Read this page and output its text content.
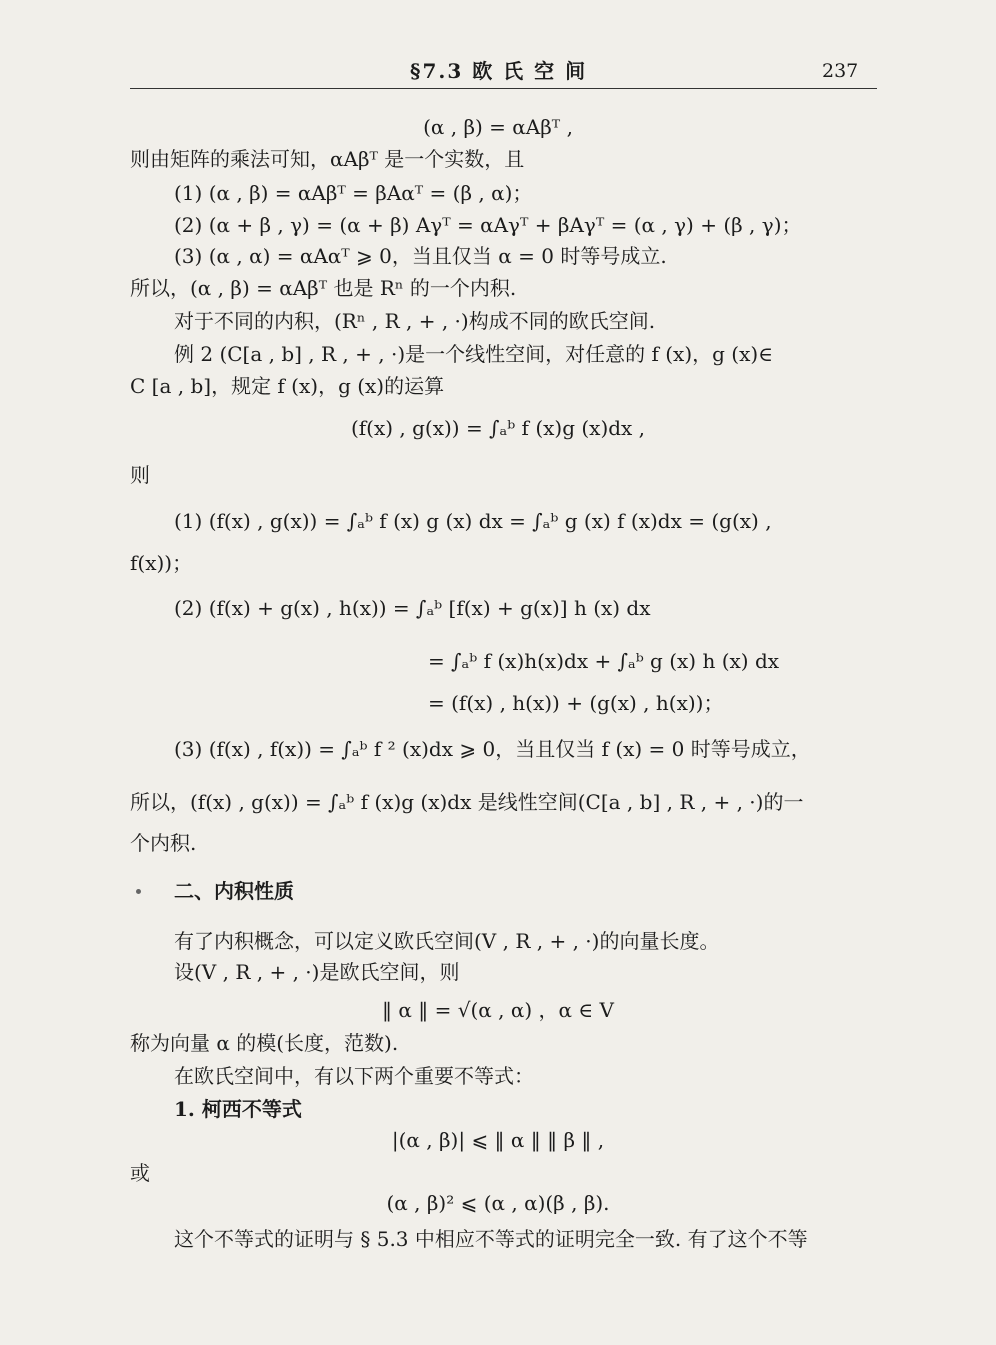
§7.3 欧 氏 空 间	237
(α , β) = αAβᵀ ,
则由矩阵的乘法可知，αAβᵀ 是一个实数，且
(1) (α , β) = αAβᵀ = βAαᵀ = (β , α)；
(2) (α + β , γ) = (α + β) Aγᵀ = αAγᵀ + βAγᵀ = (α , γ) + (β , γ)；
(3) (α , α) = αAαᵀ ⩾ 0，当且仅当 α = 0 时等号成立.
所以，(α , β) = αAβᵀ 也是 Rⁿ 的一个内积.
对于不同的内积，(Rⁿ , R , + , ·)构成不同的欧氏空间.
例 2 (C[a , b] , R , + , ·)是一个线性空间，对任意的 f (x)，g (x)∈
C [a , b]，规定 f (x)，g (x)的运算
(f(x) , g(x)) = ∫ₐᵇ f (x)g (x)dx ,
则
(1) (f(x) , g(x)) = ∫ₐᵇ f (x) g (x) dx = ∫ₐᵇ g (x) f (x)dx = (g(x) ,
f(x))；
(2) (f(x) + g(x) , h(x)) = ∫ₐᵇ [f(x) + g(x)] h (x) dx
= ∫ₐᵇ f (x)h(x)dx + ∫ₐᵇ g (x) h (x) dx
= (f(x) , h(x)) + (g(x) , h(x))；
(3) (f(x) , f(x)) = ∫ₐᵇ f ² (x)dx ⩾ 0，当且仅当 f (x) = 0 时等号成立，
所以，(f(x) , g(x)) = ∫ₐᵇ f (x)g (x)dx 是线性空间(C[a , b] , R , + , ·)的一
个内积.
二、内积性质
有了内积概念，可以定义欧氏空间(V , R , + , ·)的向量长度。
设(V , R , + , ·)是欧氏空间，则
‖ α ‖ = √(α , α) ，α ∈ V
称为向量 α 的模(长度，范数).
在欧氏空间中，有以下两个重要不等式：
1. 柯西不等式
|(α , β)| ⩽ ‖ α ‖ ‖ β ‖ ,
或
(α , β)² ⩽ (α , α)(β , β).
这个不等式的证明与 § 5.3 中相应不等式的证明完全一致. 有了这个不等
